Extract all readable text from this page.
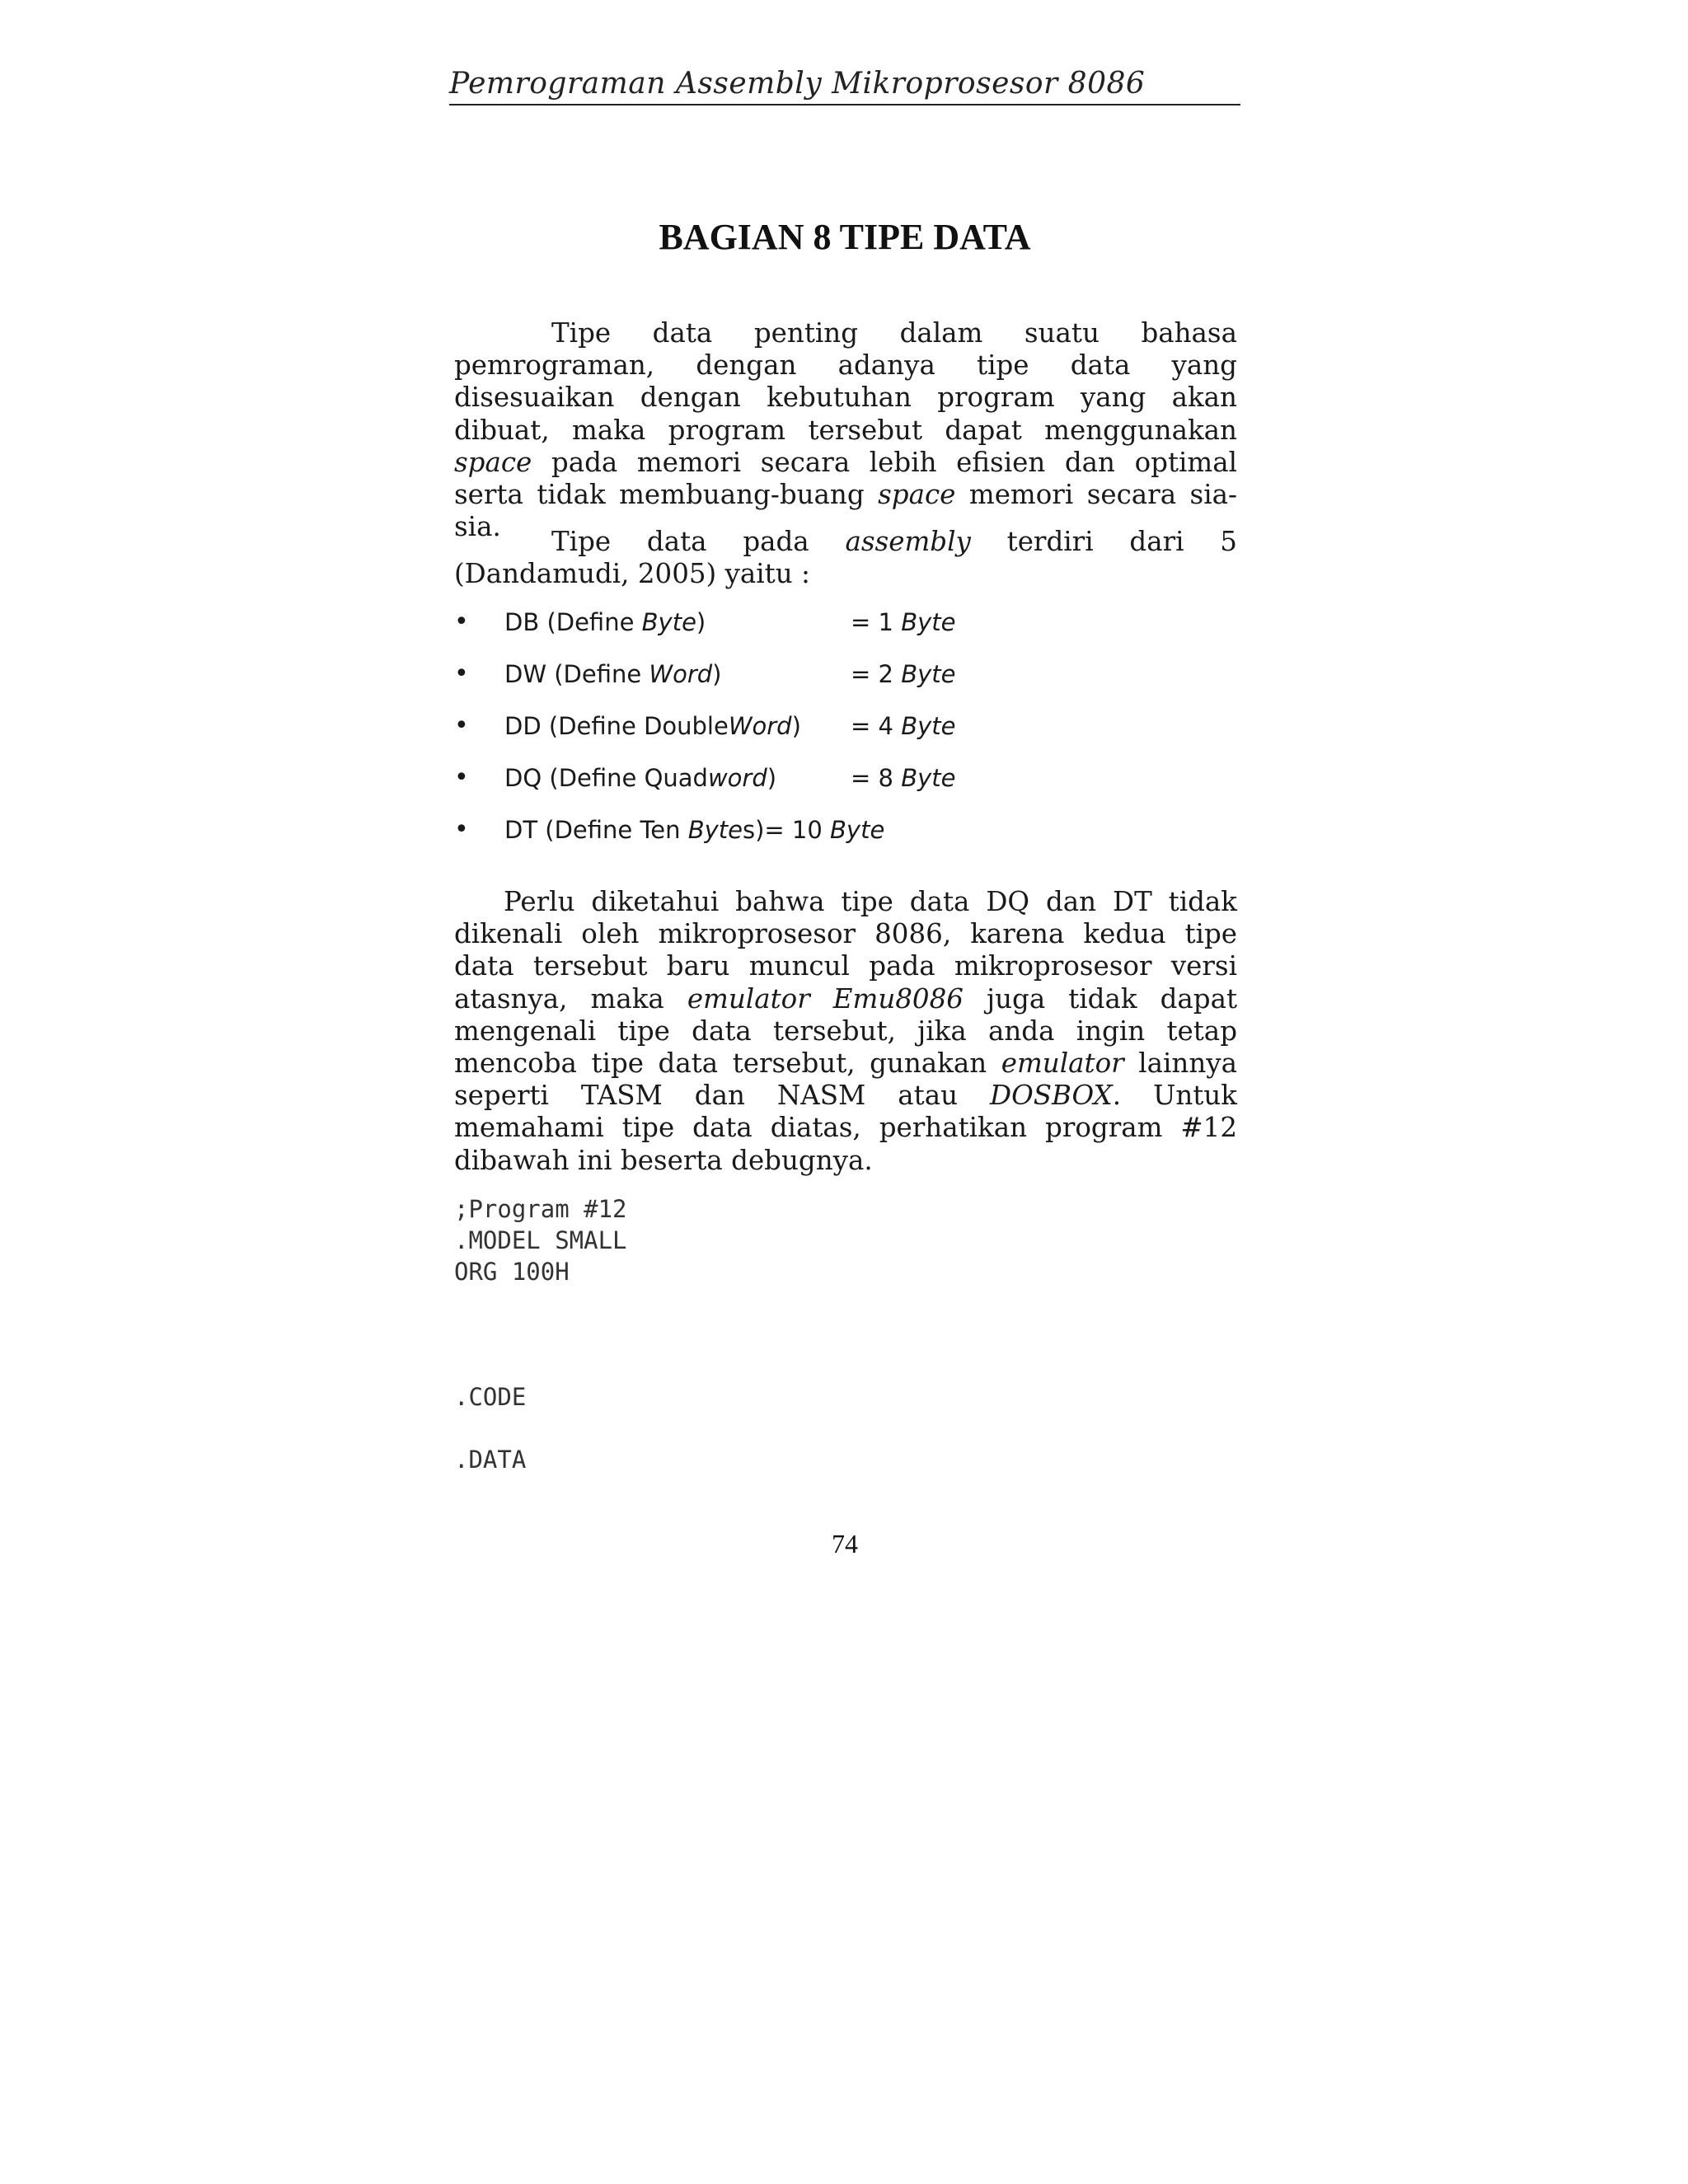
Pemrograman Assembly Mikroprosesor 8086
BAGIAN 8 TIPE DATA
Tipe data penting dalam suatu bahasa pemrograman, dengan adanya tipe data yang disesuaikan dengan kebutuhan program yang akan dibuat, maka program tersebut dapat menggunakan space pada memori secara lebih efisien dan optimal serta tidak membuang-buang space memori secara sia-sia.	Tipe data pada assembly terdiri dari 5 (Dandamudi, 2005) yaitu :
•	DB (Define Byte)	= 1 Byte
•	DW (Define Word)	= 2 Byte
•	DD (Define DoubleWord) = 4 Byte
•	DQ (Define Quadword)	= 8 Byte
•	DT (Define Ten Bytes)= 10 Byte
Perlu diketahui bahwa tipe data DQ dan DT tidak dikenali oleh mikroprosesor 8086, karena kedua tipe data tersebut baru muncul pada mikroprosesor versi atasnya, maka emulator Emu8086 juga tidak dapat mengenali tipe data tersebut, jika anda ingin tetap mencoba tipe data tersebut, gunakan emulator lainnya seperti TASM dan NASM atau DOSBOX. Untuk memahami tipe data diatas, perhatikan program #12 dibawah ini beserta debugnya.
;Program #12
.MODEL SMALL
ORG 100H
.CODE
.DATA
74
